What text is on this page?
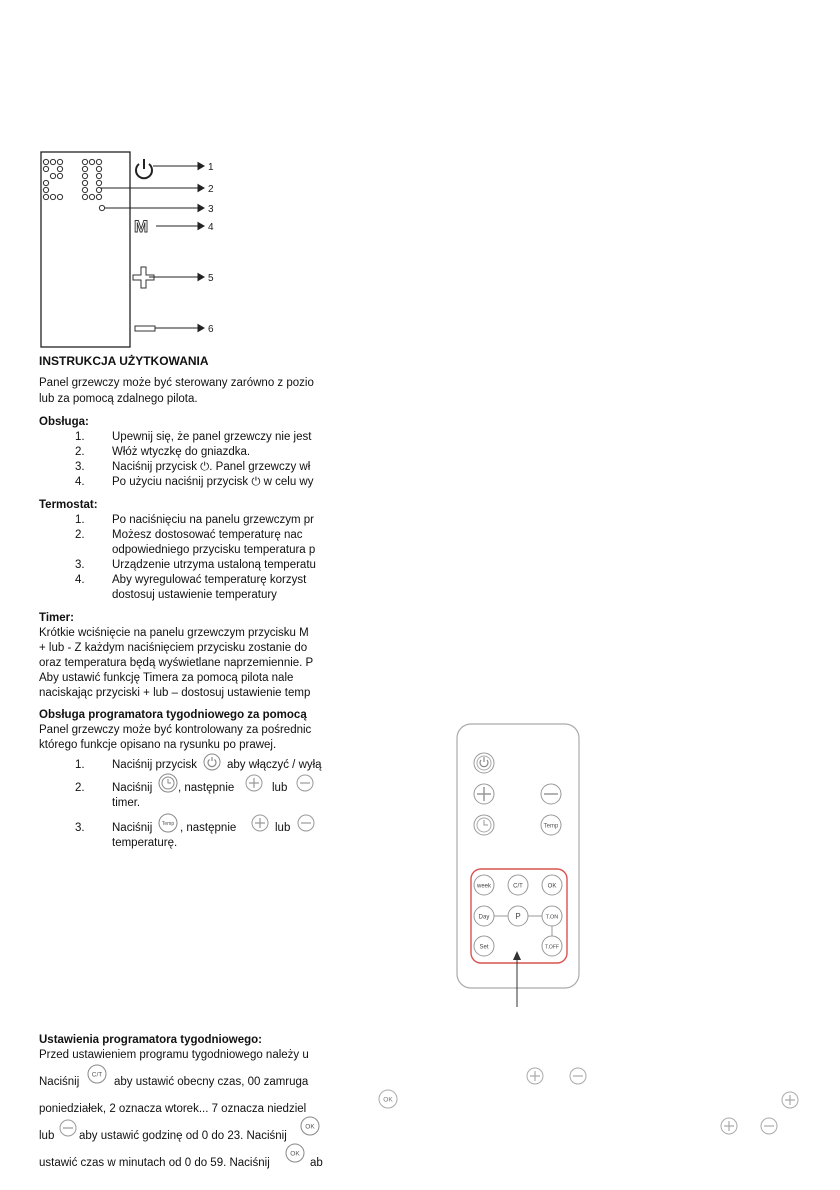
M
1
2
3
4
5
6
INSTRUKCJA UŻYTKOWANIA
Panel grzewczy może być sterowany zarówno z pozio
lub za pomocą zdalnego pilota.
Obsługa:
1. Upewnij się, że panel grzewczy nie jest
2. Włóż wtyczkę do gniazdka.
3. Naciśnij przycisk ⏻. Panel grzewczy wł
4. Po użyciu naciśnij przycisk ⏻ w celu wy
Termostat:
1. Po naciśnięciu na panelu grzewczym pr
2. Możesz dostosować temperaturę nac
odpowiedniego przycisku temperatura p
3. Urządzenie utrzyma ustaloną temperatu
4. Aby wyregulować temperaturę korzyst
dostosuj ustawienie temperatury
Timer:
Krótkie wciśnięcie na panelu grzewczym przycisku M
+ lub - Z każdym naciśnięciem przycisku zostanie do
oraz temperatura będą wyświetlane naprzemiennie. P
Aby ustawić funkcję Timera za pomocą pilota nale
naciskając przyciski + lub – dostosuj ustawienie temp
Obsługa programatora tygodniowego za pomocą
Panel grzewczy może być kontrolowany za pośrednic
którego funkcje opisano na rysunku po prawej.
1. Naciśnij przycisk	aby włączyć / wyłą
2. Naciśnij , następnie	lub
timer.
3. Naciśnij Temp , następnie	lub
temperaturę.
Ustawienia programatora tygodniowego:
Przed ustawieniem programu tygodniowego należy u
Naciśnij
C/T
aby ustawić obecny czas, 00 zamruga
poniedziałek, 2 oznacza wtorek... 7 oznacza niedziel
lub aby ustawić godzinę od 0 do 23. Naciśnij
OK
ustawić czas w minutach od 0 do 59. Naciśnij
OK
ab
OK
Temp
week	C/T	OK
Day	P	T.ON
Set	T.OFF
